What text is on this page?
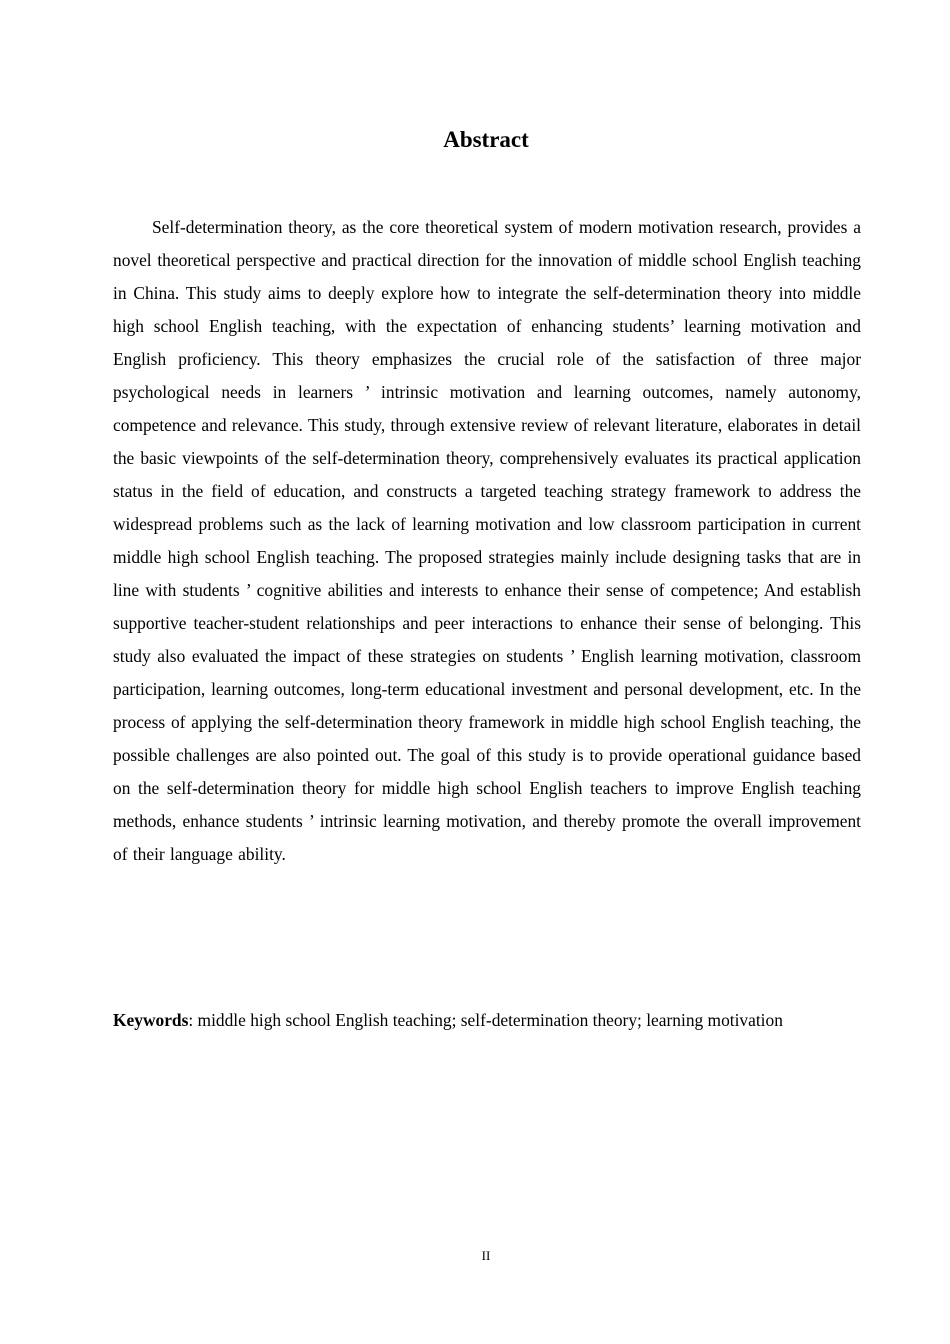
Abstract

Self-determination theory, as the core theoretical system of modern motivation research, provides a novel theoretical perspective and practical direction for the innovation of middle school English teaching in China. This study aims to deeply explore how to integrate the self-determination theory into middle high school English teaching, with the expectation of enhancing students’ learning motivation and English proficiency. This theory emphasizes the crucial role of the satisfaction of three major psychological needs in learners ’ intrinsic motivation and learning outcomes, namely autonomy, competence and relevance. This study, through extensive review of relevant literature, elaborates in detail the basic viewpoints of the self-determination theory, comprehensively evaluates its practical application status in the field of education, and constructs a targeted teaching strategy framework to address the widespread problems such as the lack of learning motivation and low classroom participation in current middle high school English teaching. The proposed strategies mainly include designing tasks that are in line with students ’ cognitive abilities and interests to enhance their sense of competence; And establish supportive teacher-student relationships and peer interactions to enhance their sense of belonging. This study also evaluated the impact of these strategies on students ’ English learning motivation, classroom participation, learning outcomes, long-term educational investment and personal development, etc. In the process of applying the self-determination theory framework in middle high school English teaching, the possible challenges are also pointed out. The goal of this study is to provide operational guidance based on the self-determination theory for middle high school English teachers to improve English teaching methods, enhance students ’ intrinsic learning motivation, and thereby promote the overall improvement of their language ability.

Keywords: middle high school English teaching; self-determination theory; learning motivation

II
